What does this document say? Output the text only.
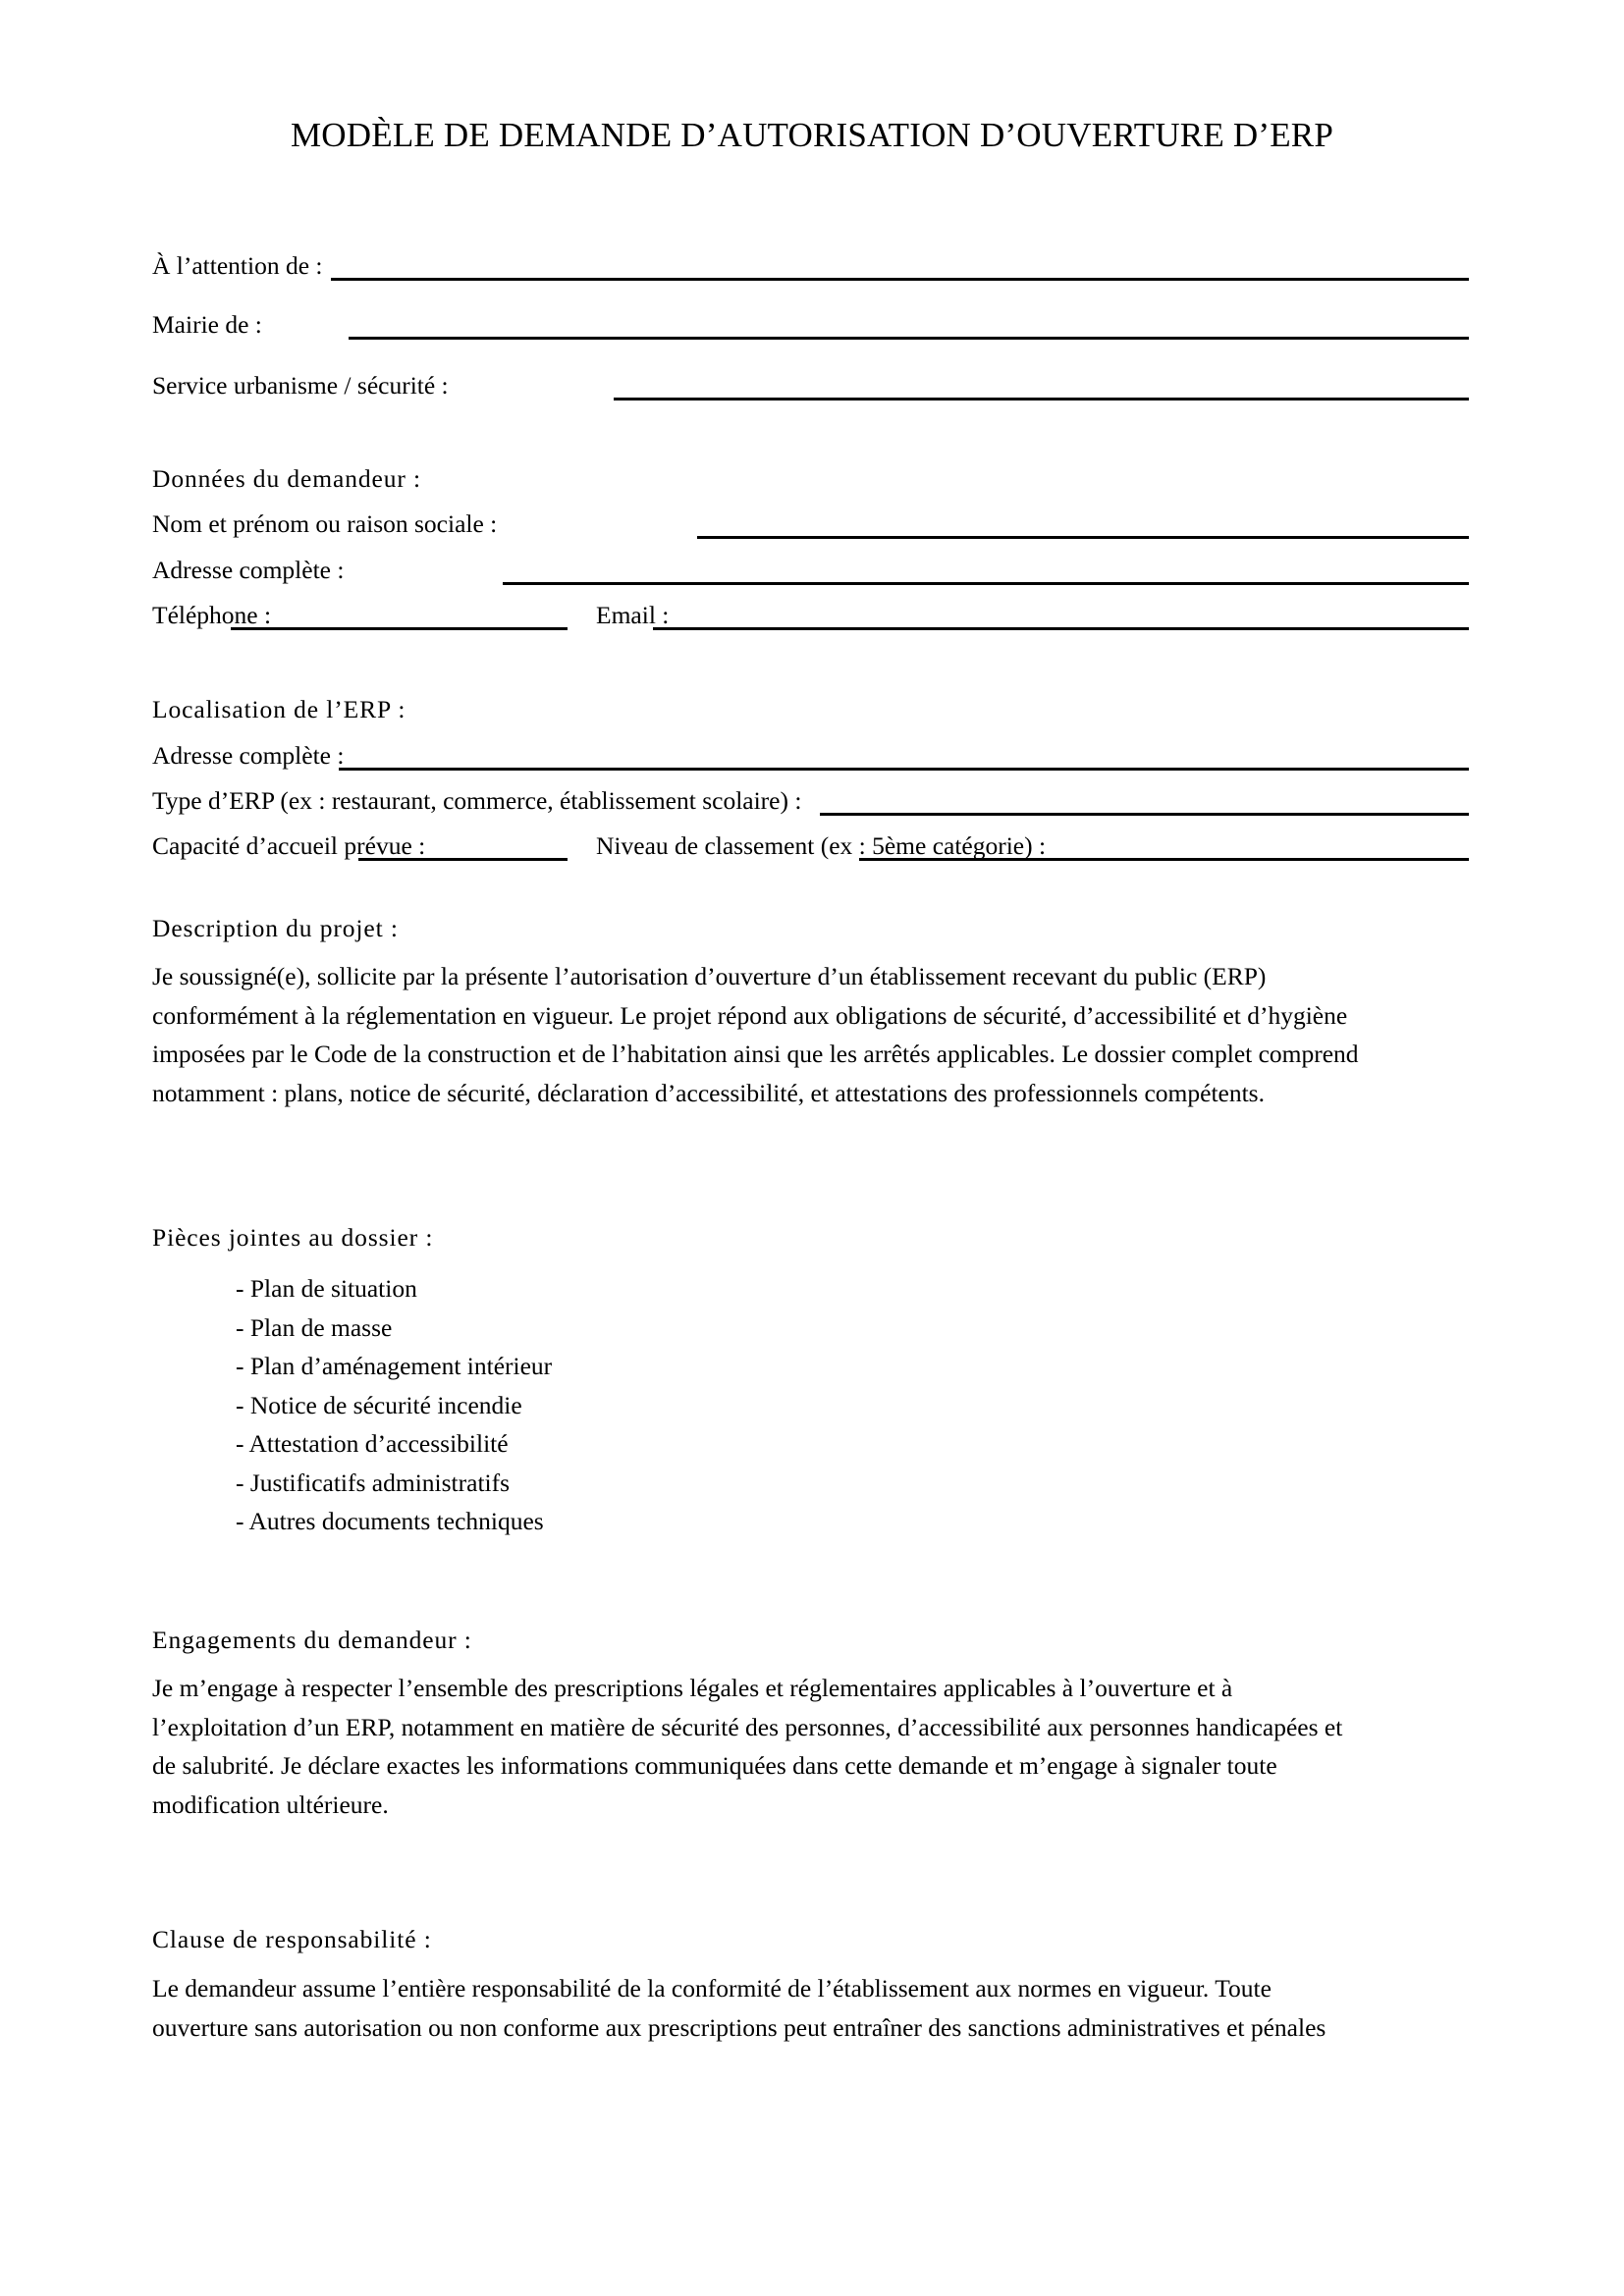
MODÈLE DE DEMANDE D’AUTORISATION D’OUVERTURE D’ERP
À l’attention de :
Mairie de :
Service urbanisme / sécurité :
Données du demandeur :
Nom et prénom ou raison sociale :
Adresse complète :
Téléphone :	Email :
Localisation de l’ERP :
Adresse complète :
Type d’ERP (ex : restaurant, commerce, établissement scolaire) :
Capacité d’accueil prévue :	Niveau de classement (ex : 5ème catégorie) :
Description du projet :

Je soussigné(e), sollicite par la présente l’autorisation d’ouverture d’un établissement recevant du public (ERP)

conformément à la réglementation en vigueur. Le projet répond aux obligations de sécurité, d’accessibilité et d’hygiène

imposées par le Code de la construction et de l’habitation ainsi que les arrêtés applicables. Le dossier complet comprend

notamment : plans, notice de sécurité, déclaration d’accessibilité, et attestations des professionnels compétents.

Pièces jointes au dossier :
- Plan de situation
- Plan de masse
- Plan d’aménagement intérieur
- Notice de sécurité incendie
- Attestation d’accessibilité
- Justificatifs administratifs
- Autres documents techniques
Engagements du demandeur :

Je m’engage à respecter l’ensemble des prescriptions légales et réglementaires applicables à l’ouverture et à

l’exploitation d’un ERP, notamment en matière de sécurité des personnes, d’accessibilité aux personnes handicapées et

de salubrité. Je déclare exactes les informations communiquées dans cette demande et m’engage à signaler toute

modification ultérieure.

Clause de responsabilité :

Le demandeur assume l’entière responsabilité de la conformité de l’établissement aux normes en vigueur. Toute

ouverture sans autorisation ou non conforme aux prescriptions peut entraîner des sanctions administratives et pénales
